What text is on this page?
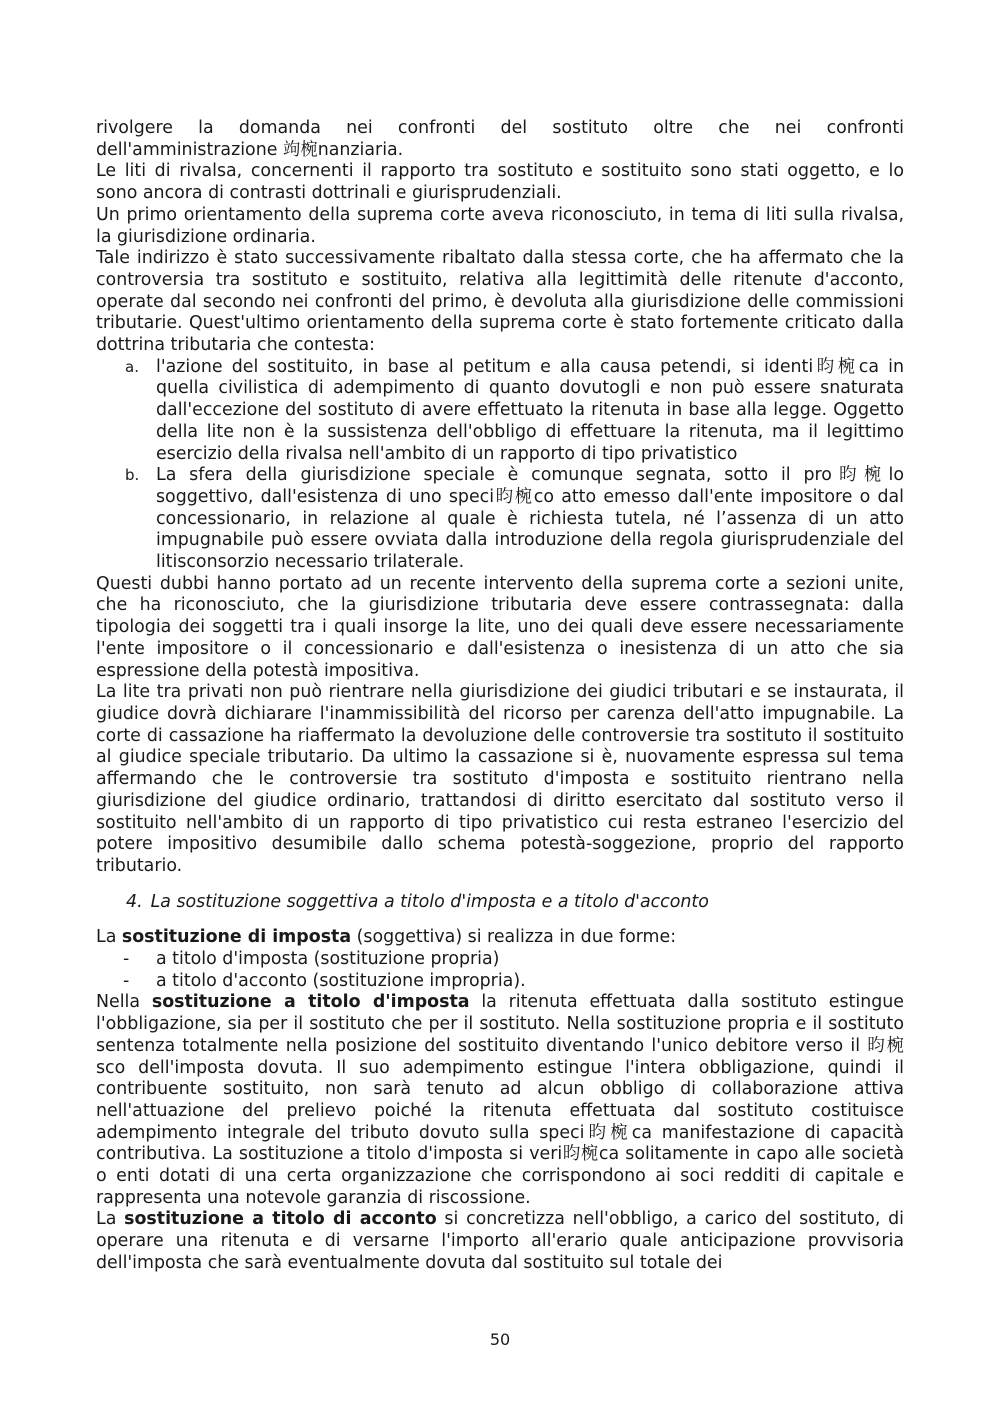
rivolgere la domanda nei confronti del sostituto oltre che nei confronti

dell'amministrazione 竘椀nanziaria.

Le liti di rivalsa, concernenti il rapporto tra sostituto e sostituito sono stati oggetto, e lo sono ancora di contrasti dottrinali e giurisprudenziali.

Un primo orientamento della suprema corte aveva riconosciuto, in tema di liti sulla rivalsa, la giurisdizione ordinaria.

Tale indirizzo è stato successivamente ribaltato dalla stessa corte, che ha affermato che la controversia tra sostituto e sostituito, relativa alla legittimità delle ritenute d'acconto, operate dal secondo nei confronti del primo, è devoluta alla giurisdizione delle commissioni tributarie. Quest'ultimo orientamento della suprema corte è stato fortemente criticato dalla dottrina tributaria che contesta:

a. l'azione del sostituito, in base al petitum e alla causa petendi, si identi昀椀ca in quella civilistica di adempimento di quanto dovutogli e non può essere snaturata dall'eccezione del sostituto di avere effettuato la ritenuta in base alla legge. Oggetto della lite non è la sussistenza dell'obbligo di effettuare la ritenuta, ma il legittimo esercizio della rivalsa nell'ambito di un rapporto di tipo privatistico
b. La sfera della giurisdizione speciale è comunque segnata, sotto il pro昀椀lo soggettivo, dall'esistenza di uno speci昀椀co atto emesso dall'ente impositore o dal concessionario, in relazione al quale è richiesta tutela, né l’assenza di un atto impugnabile può essere ovviata dalla introduzione della regola giurisprudenziale del litisconsorzio necessario trilaterale.

Questi dubbi hanno portato ad un recente intervento della suprema corte a sezioni unite, che ha riconosciuto, che la giurisdizione tributaria deve essere contrassegnata: dalla tipologia dei soggetti tra i quali insorge la lite, uno dei quali deve essere necessariamente l'ente impositore o il concessionario e dall'esistenza o inesistenza di un atto che sia espressione della potestà impositiva.

La lite tra privati non può rientrare nella giurisdizione dei giudici tributari e se instaurata, il giudice dovrà dichiarare l'inammissibilità del ricorso per carenza dell'atto impugnabile. La corte di cassazione ha riaffermato la devoluzione delle controversie tra sostituto il sostituito al giudice speciale tributario. Da ultimo la cassazione si è, nuovamente espressa sul tema affermando che le controversie tra sostituto d'imposta e sostituito rientrano nella giurisdizione del giudice ordinario, trattandosi di diritto esercitato dal sostituto verso il sostituito nell'ambito di un rapporto di tipo privatistico cui resta estraneo l'esercizio del potere impositivo desumibile dallo schema potestà-soggezione, proprio del rapporto tributario.

4. La sostituzione soggettiva a titolo d'imposta e a titolo d'acconto

La sostituzione di imposta (soggettiva) si realizza in due forme:

- a titolo d'imposta (sostituzione propria)
- a titolo d'acconto (sostituzione impropria).

Nella sostituzione a titolo d'imposta la ritenuta effettuata dalla sostituto estingue l'obbligazione, sia per il sostituto che per il sostituto. Nella sostituzione propria e il sostituto sentenza totalmente nella posizione del sostituito diventando l'unico debitore verso il 昀椀sco dell'imposta dovuta. Il suo adempimento estingue l'intera obbligazione, quindi il contribuente sostituito, non sarà tenuto ad alcun obbligo di collaborazione attiva nell'attuazione del prelievo poiché la ritenuta effettuata dal sostituto costituisce adempimento integrale del tributo dovuto sulla speci昀椀ca manifestazione di capacità contributiva. La sostituzione a titolo d'imposta si veri昀椀ca solitamente in capo alle società o enti dotati di una certa organizzazione che corrispondono ai soci redditi di capitale e rappresenta una notevole garanzia di riscossione.

La sostituzione a titolo di acconto si concretizza nell'obbligo, a carico del sostituto, di operare una ritenuta e di versarne l'importo all'erario quale anticipazione provvisoria dell'imposta che sarà eventualmente dovuta dal sostituito sul totale dei

50
